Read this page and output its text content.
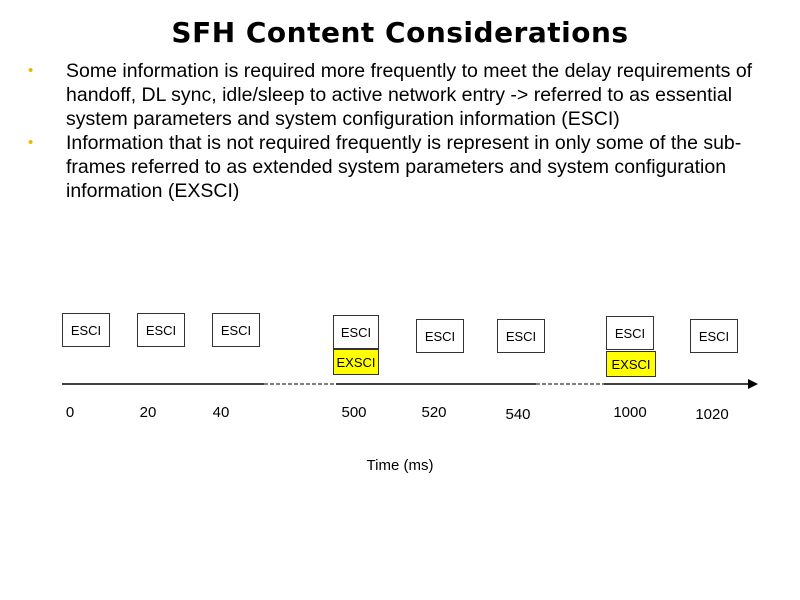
SFH Content Considerations
•	Some information is required more frequently to meet the delay requirements of handoff, DL sync, idle/sleep to active network entry -> referred to as essential system parameters and system configuration information (ESCI)
•	Information that is not required frequently is represent in only some of the sub-frames referred to as extended system parameters and system configuration information (EXSCI)
ESCI	ESCI	ESCI	ESCI	ESCI	ESCI	ESCI	ESCI
EXSCI	EXSCI
0	20	40	500	520	540	1000	1020
Time (ms)
